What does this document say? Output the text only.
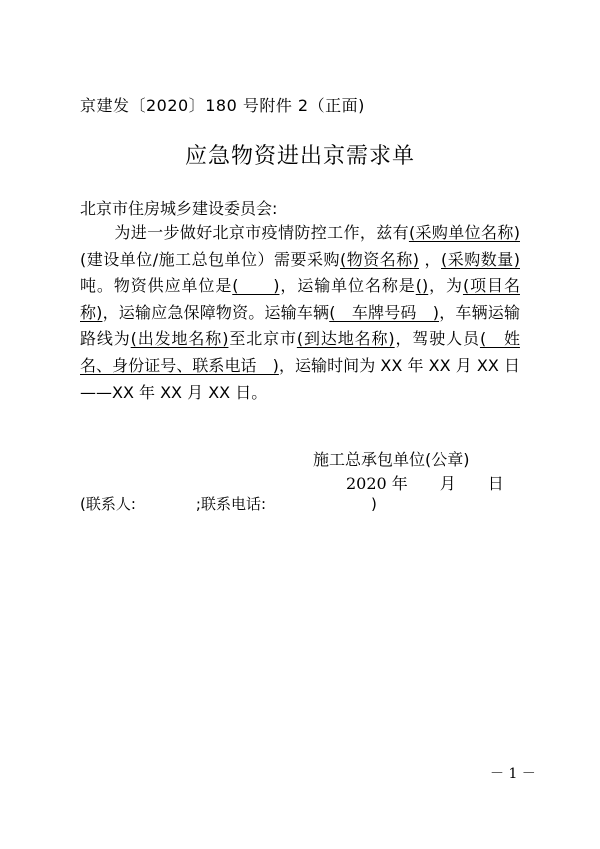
京建发〔2020〕180 号附件 2（正面)
应急物资进出京需求单
北京市住房城乡建设委员会:
为进一步做好北京市疫情防控工作，兹有(采购单位名称)(建设单位/施工总包单位）需要采购(物资名称) ，(采购数量)吨。物资供应单位是(　　)，运输单位名称是()，为(项目名称)，运输应急保障物资。运输车辆(　车牌号码　)，车辆运输路线为(出发地名称)至北京市(到达地名称)，驾驶人员(　姓名、身份证号、联系电话　)，运输时间为 XX 年 XX 月 XX 日——XX 年 XX 月 XX 日。
施工总承包单位(公章)
2020 年　　月　　日
(联系人:　　　　;联系电话:　　　　　　　)
－ 1 －
